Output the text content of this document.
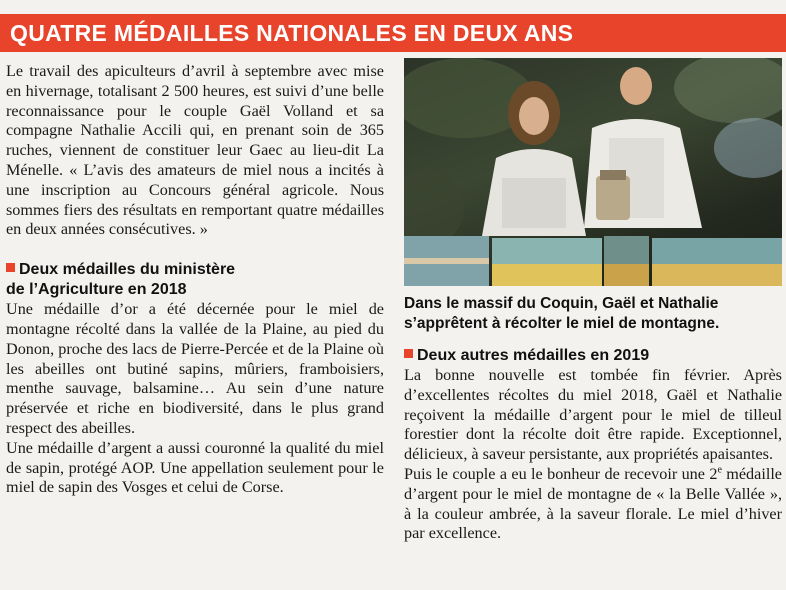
QUATRE MÉDAILLES NATIONALES EN DEUX ANS

Le travail des apiculteurs d’avril à septembre avec mise en hivernage, totalisant 2 500 heures, est suivi d’une belle reconnaissance pour le couple Gaël Volland et sa compagne Nathalie Accili qui, en prenant soin de 365 ruches, viennent de constituer leur Gaec au lieu-dit La Ménelle. « L’avis des amateurs de miel nous a incités à une inscription au Concours général agricole. Nous sommes fiers des résultats en remportant quatre médailles en deux années consécutives. »

Deux médailles du ministère
de l’Agriculture en 2018

Une médaille d’or a été décernée pour le miel de montagne récolté dans la vallée de la Plaine, au pied du Donon, proche des lacs de Pierre-Percée et de la Plaine où les abeilles ont butiné sapins, mûriers, framboisiers, menthe sauvage, balsamine… Au sein d’une nature préservée et riche en biodiversité, dans le plus grand respect des abeilles.

Une médaille d’argent a aussi couronné la qualité du miel de sapin, protégé AOP. Une appellation seulement pour le miel de sapin des Vosges et celui de Corse.

Dans le massif du Coquin, Gaël et Nathalie s’apprêtent à récolter le miel de montagne.
Deux autres médailles en 2019

La bonne nouvelle est tombée fin février. Après d’excellentes récoltes du miel 2018, Gaël et Nathalie reçoivent la médaille d’argent pour le miel de tilleul forestier dont la récolte doit être rapide. Exceptionnel, délicieux, à saveur persistante, aux propriétés apaisantes.

Puis le couple a eu le bonheur de recevoir une 2e médaille d’argent pour le miel de montagne de « la Belle Vallée », à la couleur ambrée, à la saveur florale. Le miel d’hiver par excellence.
